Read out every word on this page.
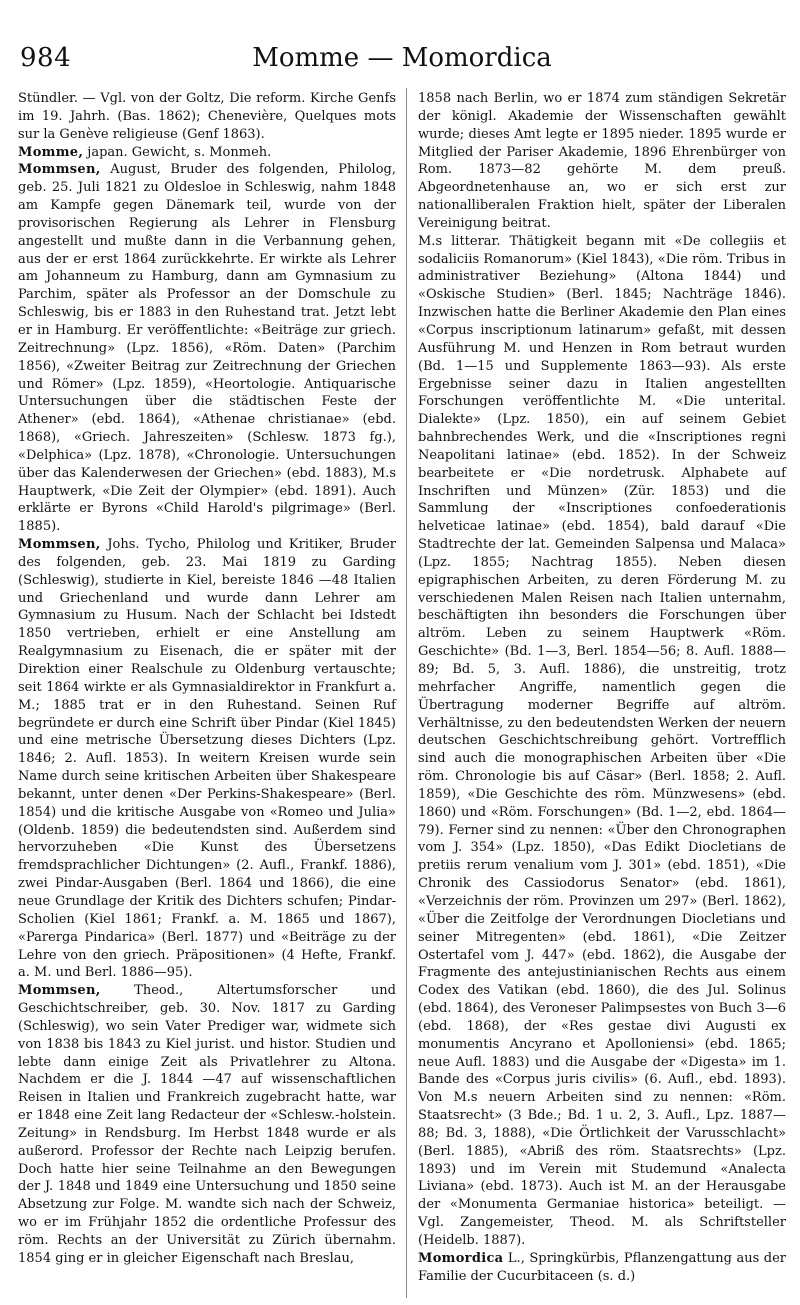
984	Momme — Momordica

Stündler. — Vgl. von der Goltz, Die reform. Kirche Genfs im 19. Jahrh. (Bas. 1862); Chenevière, Quelques mots sur la Genève religieuse (Genf 1863).

Momme, japan. Gewicht, s. Monmeh.

Mommsen, August, Bruder des folgenden, Philolog, geb. 25. Juli 1821 zu Oldesloe in Schleswig, nahm 1848 am Kampfe gegen Dänemark teil, wurde von der provisorischen Regierung als Lehrer in Flensburg angestellt und mußte dann in die Verbannung gehen, aus der er erst 1864 zurückkehrte. Er wirkte als Lehrer am Johanneum zu Hamburg, dann am Gymnasium zu Parchim, später als Professor an der Domschule zu Schleswig, bis er 1883 in den Ruhestand trat. Jetzt lebt er in Hamburg. Er veröffentlichte: «Beiträge zur griech. Zeitrechnung» (Lpz. 1856), «Röm. Daten» (Parchim 1856), «Zweiter Beitrag zur Zeitrechnung der Griechen und Römer» (Lpz. 1859), «Heortologie. Antiquarische Untersuchungen über die städtischen Feste der Athener» (ebd. 1864), «Athenae christianae» (ebd. 1868), «Griech. Jahreszeiten» (Schlesw. 1873 fg.), «Delphica» (Lpz. 1878), «Chronologie. Untersuchungen über das Kalenderwesen der Griechen» (ebd. 1883), M.s Hauptwerk, «Die Zeit der Olympier» (ebd. 1891). Auch erklärte er Byrons «Child Harold's pilgrimage» (Berl. 1885).

Mommsen, Johs. Tycho, Philolog und Kritiker, Bruder des folgenden, geb. 23. Mai 1819 zu Garding (Schleswig), studierte in Kiel, bereiste 1846 —48 Italien und Griechenland und wurde dann Lehrer am Gymnasium zu Husum. Nach der Schlacht bei Idstedt 1850 vertrieben, erhielt er eine Anstellung am Realgymnasium zu Eisenach, die er später mit der Direktion einer Realschule zu Oldenburg vertauschte; seit 1864 wirkte er als Gymnasialdirektor in Frankfurt a. M.; 1885 trat er in den Ruhestand. Seinen Ruf begründete er durch eine Schrift über Pindar (Kiel 1845) und eine metrische Übersetzung dieses Dichters (Lpz. 1846; 2. Aufl. 1853). In weitern Kreisen wurde sein Name durch seine kritischen Arbeiten über Shakespeare bekannt, unter denen «Der Perkins-Shakespeare» (Berl. 1854) und die kritische Ausgabe von «Romeo und Julia» (Oldenb. 1859) die bedeutendsten sind. Außerdem sind hervorzuheben «Die Kunst des Übersetzens fremdsprachlicher Dichtungen» (2. Aufl., Frankf. 1886), zwei Pindar-Ausgaben (Berl. 1864 und 1866), die eine neue Grundlage der Kritik des Dichters schufen; Pindar-Scholien (Kiel 1861; Frankf. a. M. 1865 und 1867), «Parerga Pindarica» (Berl. 1877) und «Beiträge zu der Lehre von den griech. Präpositionen» (4 Hefte, Frankf. a. M. und Berl. 1886—95).

Mommsen, Theod., Altertumsforscher und Geschichtschreiber, geb. 30. Nov. 1817 zu Garding (Schleswig), wo sein Vater Prediger war, widmete sich von 1838 bis 1843 zu Kiel jurist. und histor. Studien und lebte dann einige Zeit als Privatlehrer zu Altona. Nachdem er die J. 1844 —47 auf wissenschaftlichen Reisen in Italien und Frankreich zugebracht hatte, war er 1848 eine Zeit lang Redacteur der «Schlesw.-holstein. Zeitung» in Rendsburg. Im Herbst 1848 wurde er als außerord. Professor der Rechte nach Leipzig berufen. Doch hatte hier seine Teilnahme an den Bewegungen der J. 1848 und 1849 eine Untersuchung und 1850 seine Absetzung zur Folge. M. wandte sich nach der Schweiz, wo er im Frühjahr 1852 die ordentliche Professur des röm. Rechts an der Universität zu Zürich übernahm. 1854 ging er in gleicher Eigenschaft nach Breslau,

1858 nach Berlin, wo er 1874 zum ständigen Sekretär der königl. Akademie der Wissenschaften gewählt wurde; dieses Amt legte er 1895 nieder. 1895 wurde er Mitglied der Pariser Akademie, 1896 Ehrenbürger von Rom. 1873—82 gehörte M. dem preuß. Abgeordnetenhause an, wo er sich erst zur nationalliberalen Fraktion hielt, später der Liberalen Vereinigung beitrat.

M.s litterar. Thätigkeit begann mit «De collegiis et sodaliciis Romanorum» (Kiel 1843), «Die röm. Tribus in administrativer Beziehung» (Altona 1844) und «Oskische Studien» (Berl. 1845; Nachträge 1846). Inzwischen hatte die Berliner Akademie den Plan eines «Corpus inscriptionum latinarum» gefaßt, mit dessen Ausführung M. und Henzen in Rom betraut wurden (Bd. 1—15 und Supplemente 1863—93). Als erste Ergebnisse seiner dazu in Italien angestellten Forschungen veröffentlichte M. «Die unterital. Dialekte» (Lpz. 1850), ein auf seinem Gebiet bahnbrechendes Werk, und die «Inscriptiones regni Neapolitani latinae» (ebd. 1852). In der Schweiz bearbeitete er «Die nordetrusk. Alphabete auf Inschriften und Münzen» (Zür. 1853) und die Sammlung der «Inscriptiones confoederationis helveticae latinae» (ebd. 1854), bald darauf «Die Stadtrechte der lat. Gemeinden Salpensa und Malaca» (Lpz. 1855; Nachtrag 1855). Neben diesen epigraphischen Arbeiten, zu deren Förderung M. zu verschiedenen Malen Reisen nach Italien unternahm, beschäftigten ihn besonders die Forschungen über altröm. Leben zu seinem Hauptwerk «Röm. Geschichte» (Bd. 1—3, Berl. 1854—56; 8. Aufl. 1888—89; Bd. 5, 3. Aufl. 1886), die unstreitig, trotz mehrfacher Angriffe, namentlich gegen die Übertragung moderner Begriffe auf altröm. Verhältnisse, zu den bedeutendsten Werken der neuern deutschen Geschichtschreibung gehört. Vortrefflich sind auch die monographischen Arbeiten über «Die röm. Chronologie bis auf Cäsar» (Berl. 1858; 2. Aufl. 1859), «Die Geschichte des röm. Münzwesens» (ebd. 1860) und «Röm. Forschungen» (Bd. 1—2, ebd. 1864—79). Ferner sind zu nennen: «Über den Chronographen vom J. 354» (Lpz. 1850), «Das Edikt Diocletians de pretiis rerum venalium vom J. 301» (ebd. 1851), «Die Chronik des Cassiodorus Senator» (ebd. 1861), «Verzeichnis der röm. Provinzen um 297» (Berl. 1862), «Über die Zeitfolge der Verordnungen Diocletians und seiner Mitregenten» (ebd. 1861), «Die Zeitzer Ostertafel vom J. 447» (ebd. 1862), die Ausgabe der Fragmente des antejustinianischen Rechts aus einem Codex des Vatikan (ebd. 1860), die des Jul. Solinus (ebd. 1864), des Veroneser Palimpsestes von Buch 3—6 (ebd. 1868), der «Res gestae divi Augusti ex monumentis Ancyrano et Apolloniensi» (ebd. 1865; neue Aufl. 1883) und die Ausgabe der «Digesta» im 1. Bande des «Corpus juris civilis» (6. Aufl., ebd. 1893). Von M.s neuern Arbeiten sind zu nennen: «Röm. Staatsrecht» (3 Bde.; Bd. 1 u. 2, 3. Aufl., Lpz. 1887—88; Bd. 3, 1888), «Die Örtlichkeit der Varusschlacht» (Berl. 1885), «Abriß des röm. Staatsrechts» (Lpz. 1893) und im Verein mit Studemund «Analecta Liviana» (ebd. 1873). Auch ist M. an der Herausgabe der «Monumenta Germaniae historica» beteiligt. — Vgl. Zangemeister, Theod. M. als Schriftsteller (Heidelb. 1887).

Momordica L., Springkürbis, Pflanzengattung aus der Familie der Cucurbitaceen (s. d.)
